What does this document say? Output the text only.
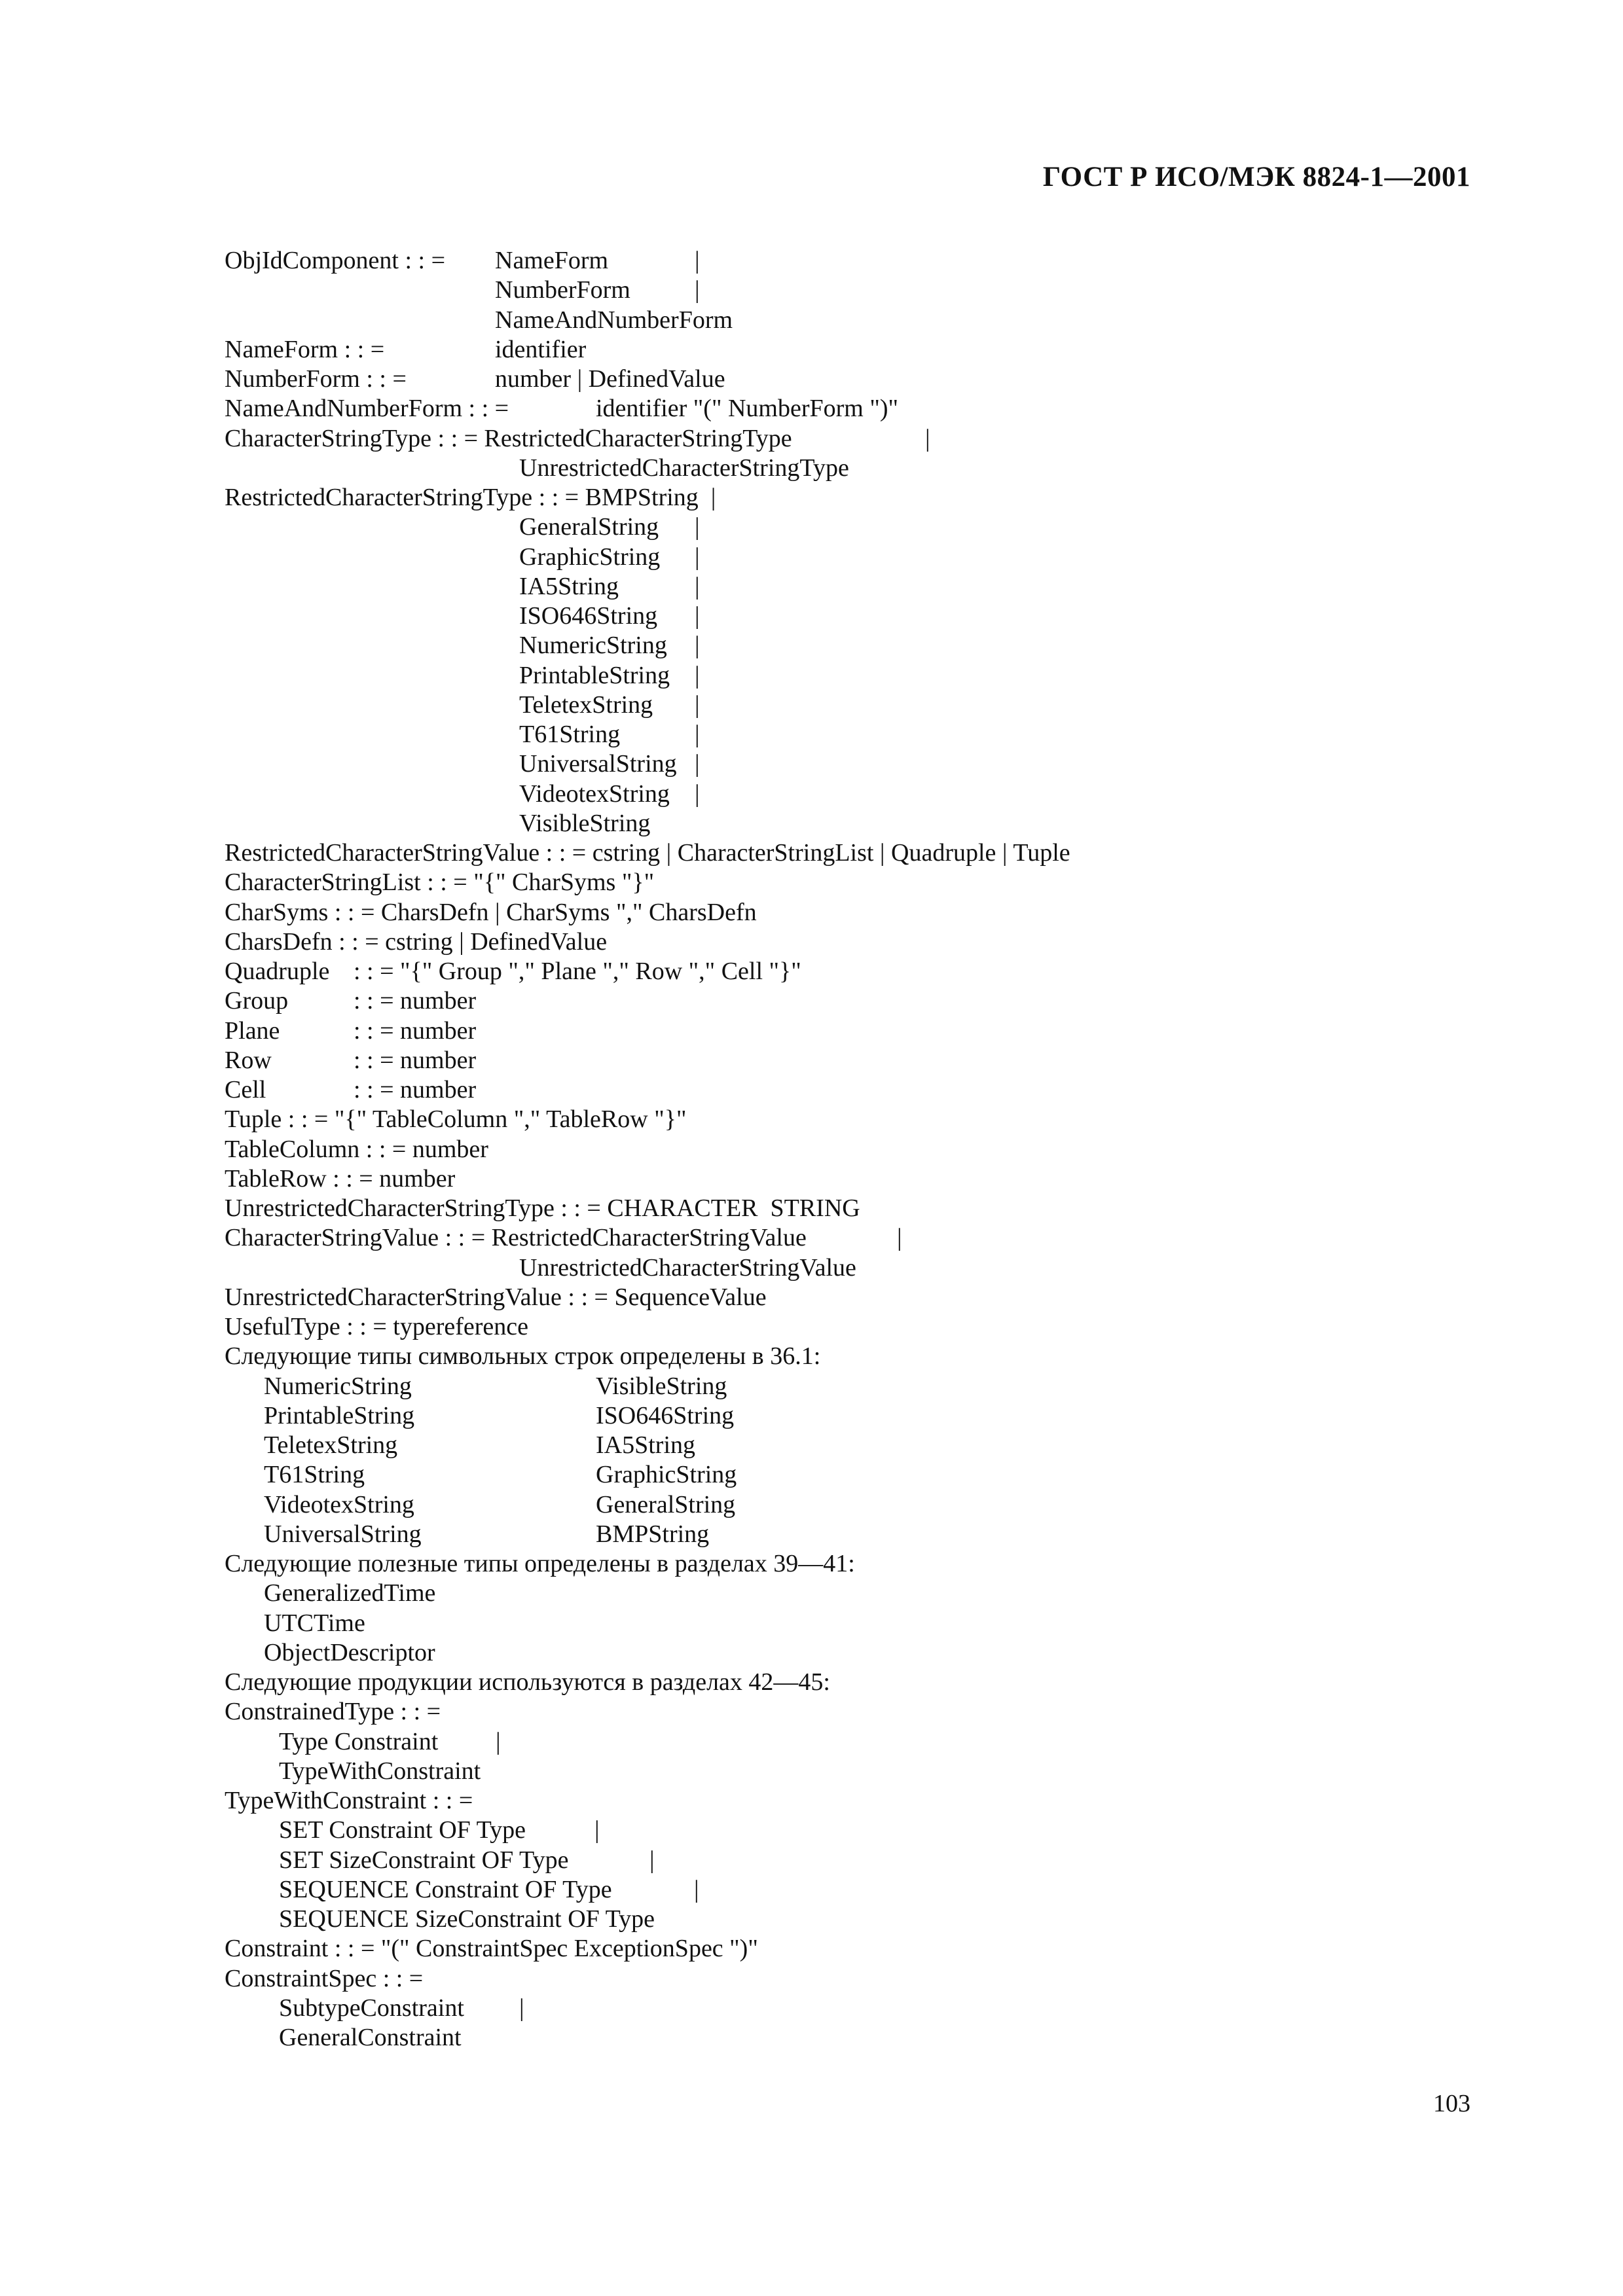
ГОСТ Р ИСО/МЭК 8824-1—2001
ObjIdComponent : : = NameForm	|
NumberForm	|
NameAndNumberForm
NameForm : : =	identifier
NumberForm : : =	number | DefinedValue
NameAndNumberForm : : =	identifier "(" NumberForm ")"
CharacterStringType : : = RestrictedCharacterStringType	|
UnrestrictedCharacterStringType
RestrictedCharacterStringType : : = BMPString  |
GeneralString |
GraphicString |
IA5String	|
ISO646String |
NumericString |
PrintableString |
TeletexString |
T61String	|
UniversalString |
VideotexString |
VisibleString
RestrictedCharacterStringValue : : = cstring | CharacterStringList | Quadruple | Tuple
CharacterStringList : : = "{" CharSyms "}"
CharSyms : : = CharsDefn | CharSyms "," CharsDefn
CharsDefn : : = cstring | DefinedValue
Quadruple : : = "{" Group "," Plane "," Row "," Cell "}"
Group	: : = number
Plane	: : = number
Row	: : = number
Cell	: : = number
Tuple : : = "{" TableColumn "," TableRow "}"
TableColumn : : = number
TableRow : : = number
UnrestrictedCharacterStringType : : = CHARACTER  STRING
CharacterStringValue : : = RestrictedCharacterStringValue	|
UnrestrictedCharacterStringValue
UnrestrictedCharacterStringValue : : = SequenceValue
UsefulType : : = typereference
Следующие типы символьных строк определены в 36.1:
NumericString	VisibleString
PrintableString	ISO646String
TeletexString	IA5String
T61String	GraphicString
VideotexString	GeneralString
UniversalString	BMPString
Следующие полезные типы определены в разделах 39—41:
GeneralizedTime
UTCTime
ObjectDescriptor
Следующие продукции используются в разделах 42—45:
ConstrainedType : : =
Type Constraint |
TypeWithConstraint
TypeWithConstraint : : =
SET Constraint OF Type	|
SET SizeConstraint OF Type	|
SEQUENCE Constraint OF Type	|
SEQUENCE SizeConstraint OF Type
Constraint : : = "(" ConstraintSpec ExceptionSpec ")"
ConstraintSpec : : =
SubtypeConstraint |
GeneralConstraint
103
